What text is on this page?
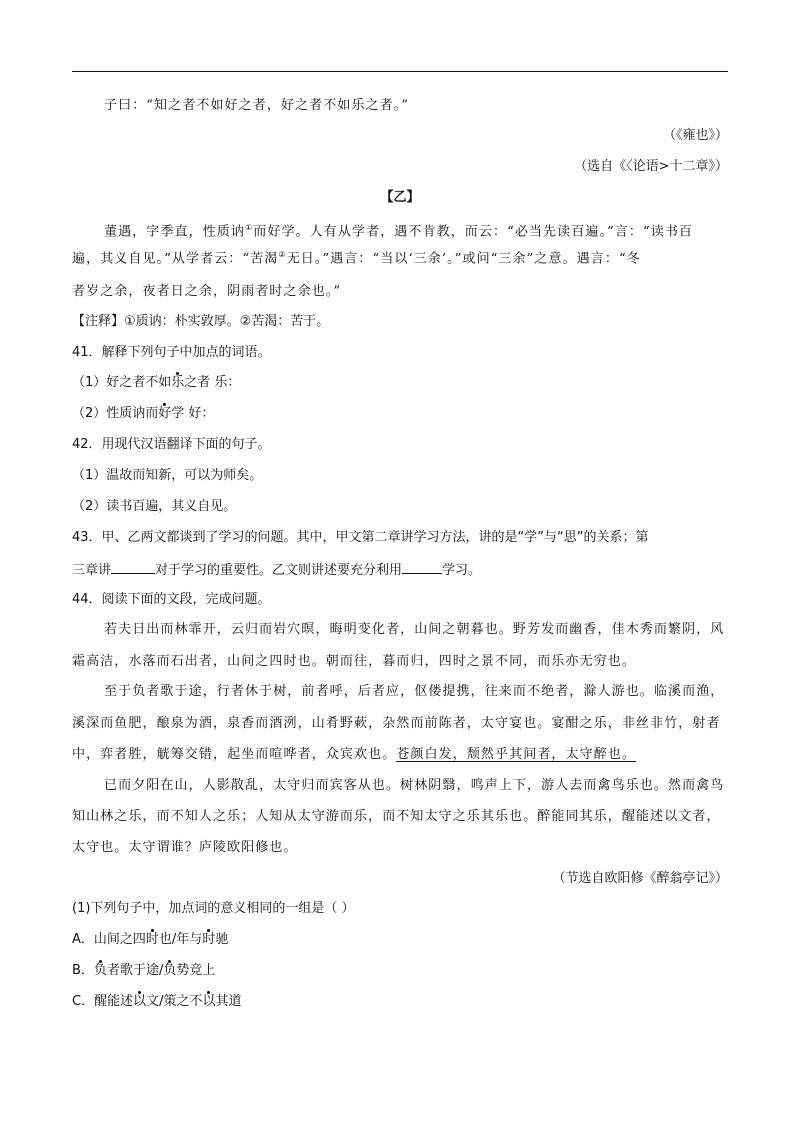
子曰：“知之者不如好之者，好之者不如乐之者。”
（《雍也》）
（选自《〈论语>十二章》）
【乙】
董遇，字季直，性质讷①而好学。人有从学者，遇不肯教，而云：“必当先读百遍。”言：“读书百
遍，其义自见。”从学者云：“苦渴②无日。”遇言：“当以‘三余’。”或问“三余”之意。遇言：“冬
者岁之余，夜者日之余，阴雨者时之余也。”
【注释】①质讷：朴实敦厚。②苦渴：苦于。
41．解释下列句子中加点的词语。
（1）好之者不如乐之者 乐：
（2）性质讷而好学 好：
42．用现代汉语翻译下面的句子。
（1）温故而知新，可以为师矣。
（2）读书百遍，其义自见。
43．甲、乙两文都谈到了学习的问题。其中，甲文第二章讲学习方法，讲的是“学”与“思”的关系；第
三章讲	对于学习的重要性。乙文则讲述要充分利用	学习。
44．阅读下面的文段，完成问题。
若夫日出而林霏开，云归而岩穴暝，晦明变化者，山间之朝暮也。野芳发而幽香，佳木秀而繁阴，风
霜高洁，水落而石出者，山间之四时也。朝而往，暮而归，四时之景不同，而乐亦无穷也。
至于负者歌于途，行者休于树，前者呼，后者应，伛偻提携，往来而不绝者，滁人游也。临溪而渔，
溪深而鱼肥，酿泉为酒，泉香而酒洌，山肴野蔌，杂然而前陈者，太守宴也。宴酣之乐，非丝非竹，射者
中，弈者胜，觥筹交错，起坐而喧哗者，众宾欢也。苍颜白发，颓然乎其间者，太守醉也。
已而夕阳在山，人影散乱，太守归而宾客从也。树林阴翳，鸣声上下，游人去而禽鸟乐也。然而禽鸟
知山林之乐，而不知人之乐；人知从太守游而乐，而不知太守之乐其乐也。醉能同其乐，醒能述以文者，
太守也。太守谓谁？庐陵欧阳修也。
（节选自欧阳修《醉翁亭记》）
(1)下列句子中，加点词的意义相同的一组是（ ）
A．山间之四时也/年与时驰
B．负者歌于途/负势竞上
C．醒能述以文/策之不以其道
